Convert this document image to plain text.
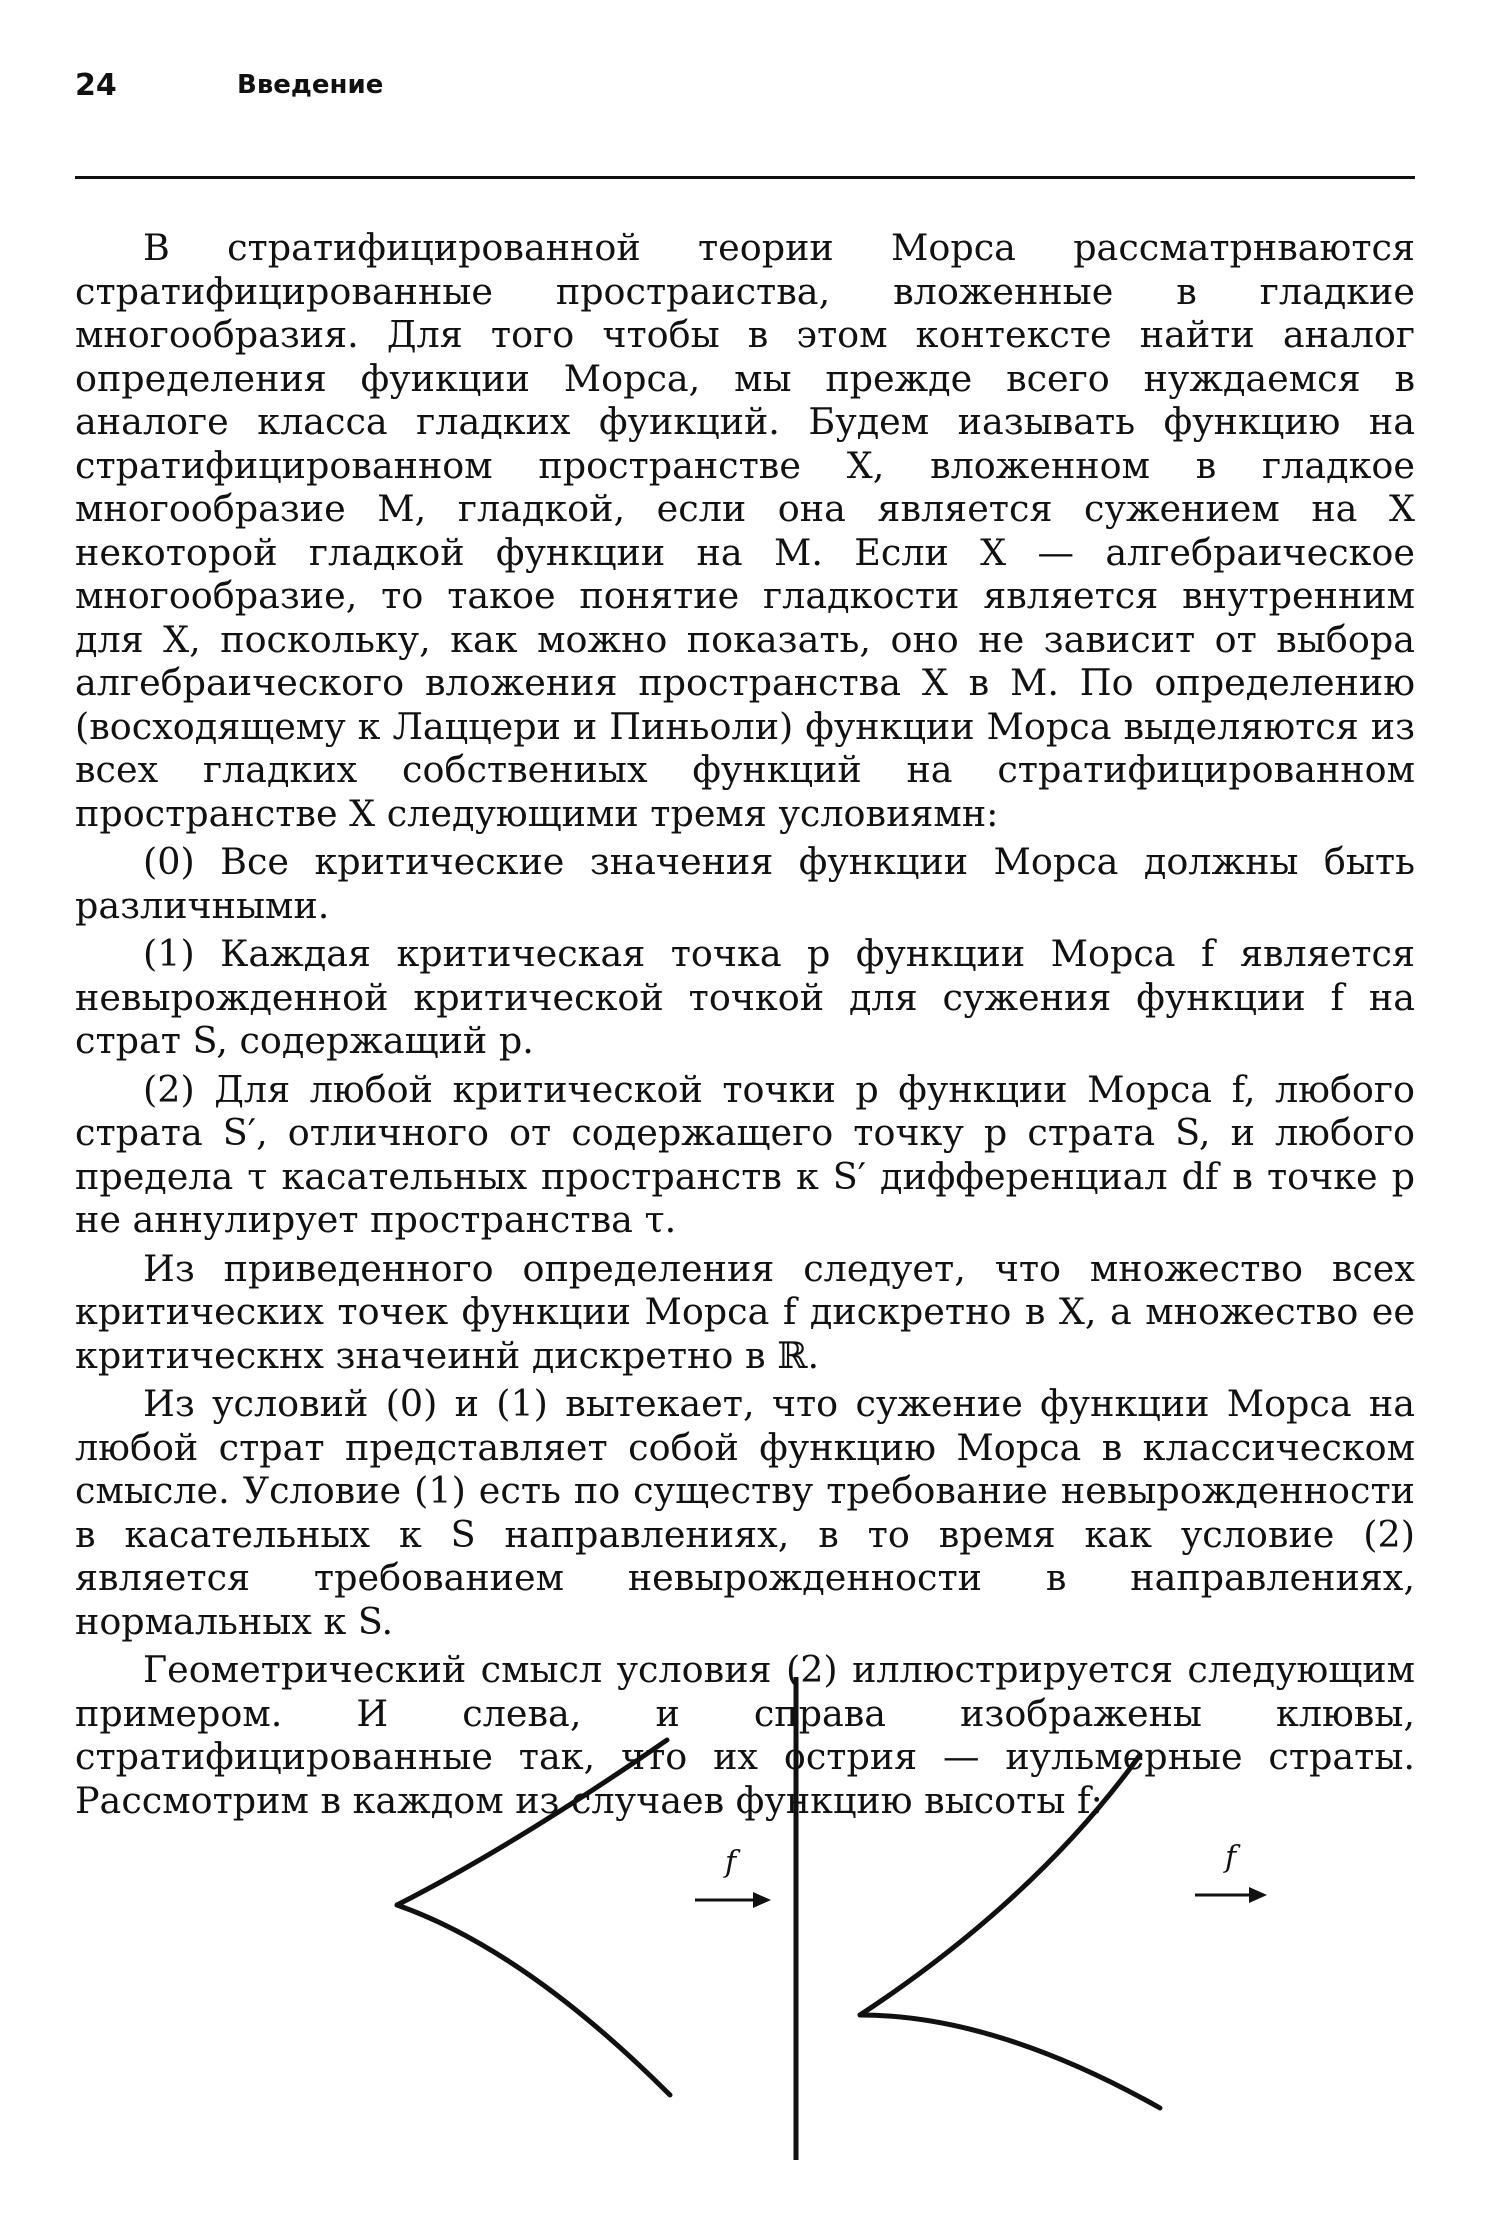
24	Введение

В стратифицированной теории Морса рассматрнваются стратифицированные простраиства, вложенные в гладкие многообразия. Для того чтобы в этом контексте найти аналог определения фуикции Морса, мы прежде всего нуждаемся в аналоге класса гладких фуикций. Будем иазывать функцию на стратифицированном пространстве X, вложенном в гладкое многообразие M, гладкой, если она является сужением на X некоторой гладкой функции на M. Если X — алгебраическое многообразие, то такое понятие гладкости является внутренним для X, поскольку, как можно показать, оно не зависит от выбора алгебраического вложения пространства X в M. По определению (восходящему к Лаццери и Пиньоли) функции Морса выделяются из всех гладких собствениых функций на стратифицированном пространстве X следующими тремя условиямн:

(0) Все критические значения функции Морса должны быть различными.

(1) Каждая критическая точка p функции Морса f является невырожденной критической точкой для сужения функции f на страт S, содержащий p.

(2) Для любой критической точки p функции Морса f, любого страта S′, отличного от содержащего точку p страта S, и любого предела τ касательных пространств к S′ дифференциал df в точке p не аннулирует пространства τ.

Из приведенного определения следует, что множество всех критических точек функции Морса f дискретно в X, а множество ее критическнх значеинй дискретно в ℝ.

Из условий (0) и (1) вытекает, что сужение функции Морса на любой страт представляет собой функцию Морса в классическом смысле. Условие (1) есть по существу требование невырожденности в касательных к S направлениях, в то время как условие (2) является требованием невырожденности в направлениях, нормальных к S.

Геометрический смысл условия (2) иллюстрируется следующим примером. И слева, и справа изображены клювы, стратифицированные так, что их острия — иульмерные страты. Рассмотрим в каждом из случаев функцию высоты f:

f	f
